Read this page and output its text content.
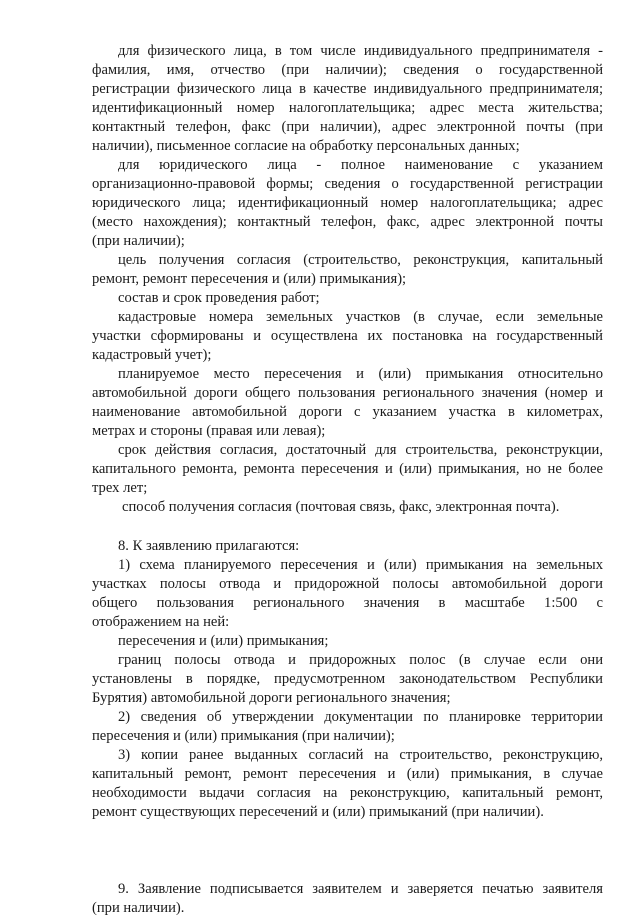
для физического лица, в том числе индивидуального предпринимателя -
фамилия, имя, отчество (при наличии); сведения о государственной
регистрации физического лица в качестве индивидуального предпринимателя;
идентификационный номер налогоплательщика; адрес места жительства;
контактный телефон, факс (при наличии), адрес электронной почты (при
наличии), письменное согласие на обработку персональных данных;
для юридического лица - полное наименование с указанием
организационно-правовой формы; сведения о государственной регистрации
юридического лица; идентификационный номер налогоплательщика; адрес
(место нахождения); контактный телефон, факс, адрес электронной почты
(при наличии);
цель получения согласия (строительство, реконструкция, капитальный
ремонт, ремонт пересечения и (или) примыкания);
состав и срок проведения работ;
кадастровые номера земельных участков (в случае, если земельные
участки сформированы и осуществлена их постановка на государственный
кадастровый учет);
планируемое место пересечения и (или) примыкания относительно
автомобильной дороги общего пользования регионального значения (номер и
наименование автомобильной дороги с указанием участка в километрах,
метрах и стороны (правая или левая);
срок действия согласия, достаточный для строительства, реконструкции,
капитального ремонта, ремонта пересечения и (или) примыкания, но не более
трех лет;
способ получения согласия (почтовая связь, факс, электронная почта).
8. К заявлению прилагаются:
1) схема планируемого пересечения и (или) примыкания на земельных
участках полосы отвода и придорожной полосы автомобильной дороги
общего пользования регионального значения в масштабе 1:500 с
отображением на ней:
пересечения и (или) примыкания;
границ полосы отвода и придорожных полос (в случае если они
установлены в порядке, предусмотренном законодательством Республики
Бурятия) автомобильной дороги регионального значения;
2) сведения об утверждении документации по планировке территории
пересечения и (или) примыкания (при наличии);
3) копии ранее выданных согласий на строительство, реконструкцию,
капитальный ремонт, ремонт пересечения и (или) примыкания, в случае
необходимости выдачи согласия на реконструкцию, капитальный ремонт,
ремонт существующих пересечений и (или) примыканий (при наличии).
9. Заявление подписывается заявителем и заверяется печатью заявителя
(при наличии).
